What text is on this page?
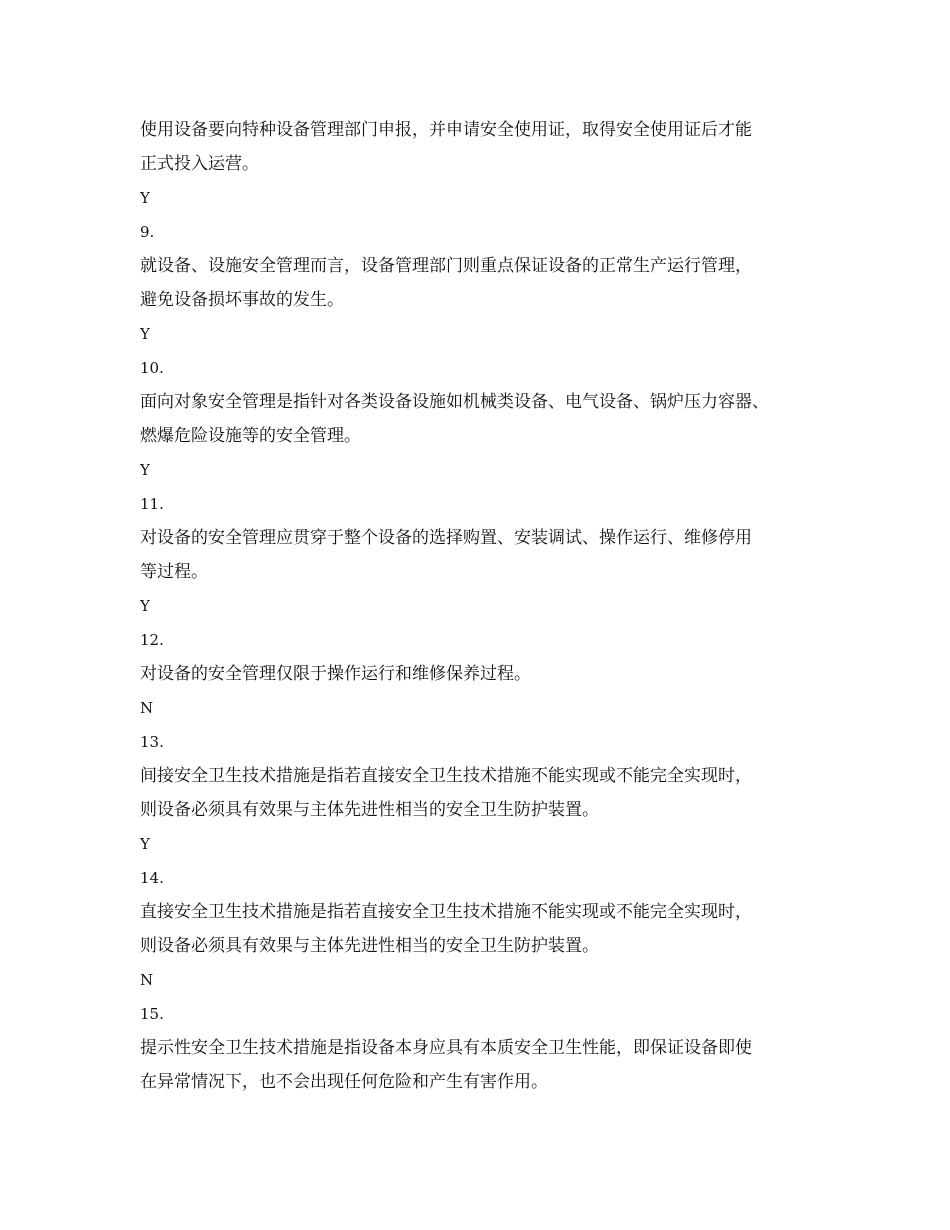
使用设备要向特种设备管理部门申报，并申请安全使用证，取得安全使用证后才能
正式投入运营。
Y
9.
就设备、设施安全管理而言，设备管理部门则重点保证设备的正常生产运行管理，
避免设备损坏事故的发生。
Y
10.
面向对象安全管理是指针对各类设备设施如机械类设备、电气设备、锅炉压力容器、
燃爆危险设施等的安全管理。
Y
11.
对设备的安全管理应贯穿于整个设备的选择购置、安装调试、操作运行、维修停用
等过程。
Y
12.
对设备的安全管理仅限于操作运行和维修保养过程。
N
13.
间接安全卫生技术措施是指若直接安全卫生技术措施不能实现或不能完全实现时，
则设备必须具有效果与主体先进性相当的安全卫生防护装置。
Y
14.
直接安全卫生技术措施是指若直接安全卫生技术措施不能实现或不能完全实现时，
则设备必须具有效果与主体先进性相当的安全卫生防护装置。
N
15.
提示性安全卫生技术措施是指设备本身应具有本质安全卫生性能，即保证设备即使
在异常情况下，也不会出现任何危险和产生有害作用。
